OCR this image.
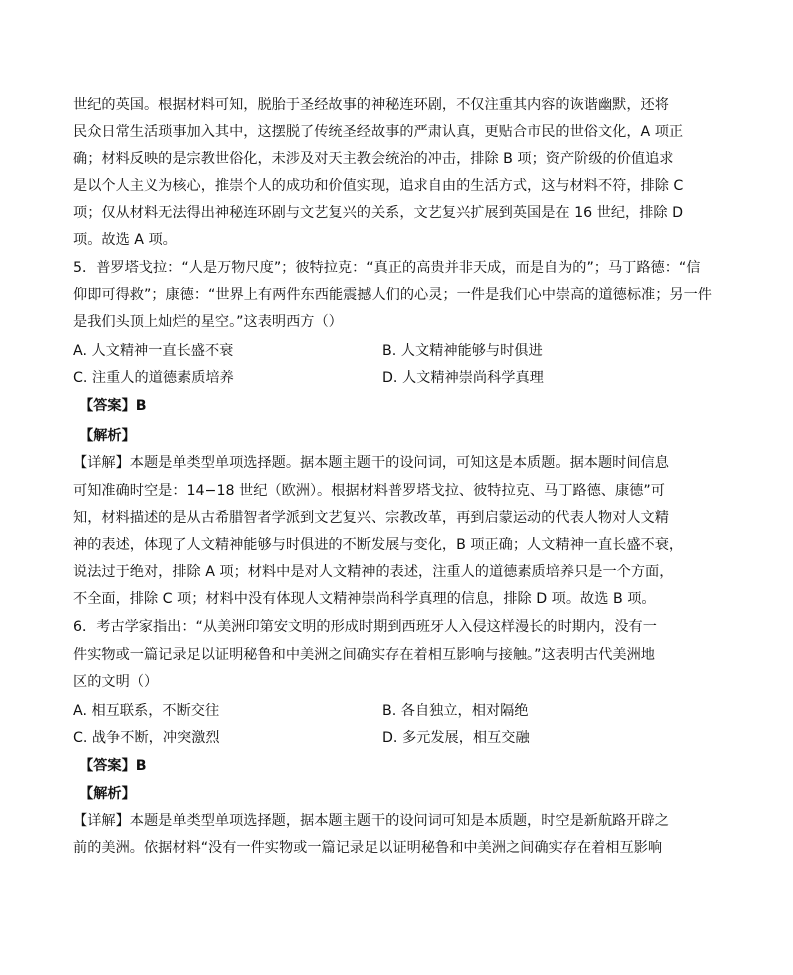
世纪的英国。根据材料可知，脱胎于圣经故事的神秘连环剧，不仅注重其内容的诙谐幽默，还将
民众日常生活琐事加入其中，这摆脱了传统圣经故事的严肃认真，更贴合市民的世俗文化，A 项正
确；材料反映的是宗教世俗化，未涉及对天主教会统治的冲击，排除 B 项；资产阶级的价值追求
是以个人主义为核心，推崇个人的成功和价值实现，追求自由的生活方式，这与材料不符，排除 C
项；仅从材料无法得出神秘连环剧与文艺复兴的关系，文艺复兴扩展到英国是在 16 世纪，排除 D
项。故选 A 项。
5．普罗塔戈拉：“人是万物尺度”；彼特拉克：“真正的高贵并非天成，而是自为的”；马丁路德：“信
仰即可得救”；康德：“世界上有两件东西能震撼人们的心灵；一件是我们心中崇高的道德标准；另一件
是我们头顶上灿烂的星空。”这表明西方（）
A. 人文精神一直长盛不衰	B. 人文精神能够与时俱进
C. 注重人的道德素质培养	D. 人文精神崇尚科学真理
【答案】B
【解析】
【详解】本题是单类型单项选择题。据本题主题干的设问词，可知这是本质题。据本题时间信息
可知准确时空是：14−18 世纪（欧洲）。根据材料普罗塔戈拉、彼特拉克、马丁路德、康德”可
知，材料描述的是从古希腊智者学派到文艺复兴、宗教改革，再到启蒙运动的代表人物对人文精
神的表述，体现了人文精神能够与时俱进的不断发展与变化，B 项正确；人文精神一直长盛不衰，
说法过于绝对，排除 A 项；材料中是对人文精神的表述，注重人的道德素质培养只是一个方面，
不全面，排除 C 项；材料中没有体现人文精神崇尚科学真理的信息，排除 D 项。故选 B 项。
6．考古学家指出：“从美洲印第安文明的形成时期到西班牙人入侵这样漫长的时期内，没有一
件实物或一篇记录足以证明秘鲁和中美洲之间确实存在着相互影响与接触。”这表明古代美洲地
区的文明（）
A. 相互联系，不断交往	B. 各自独立，相对隔绝
C. 战争不断，冲突激烈	D. 多元发展，相互交融
【答案】B
【解析】
【详解】本题是单类型单项选择题，据本题主题干的设问词可知是本质题，时空是新航路开辟之
前的美洲。依据材料“没有一件实物或一篇记录足以证明秘鲁和中美洲之间确实存在着相互影响
